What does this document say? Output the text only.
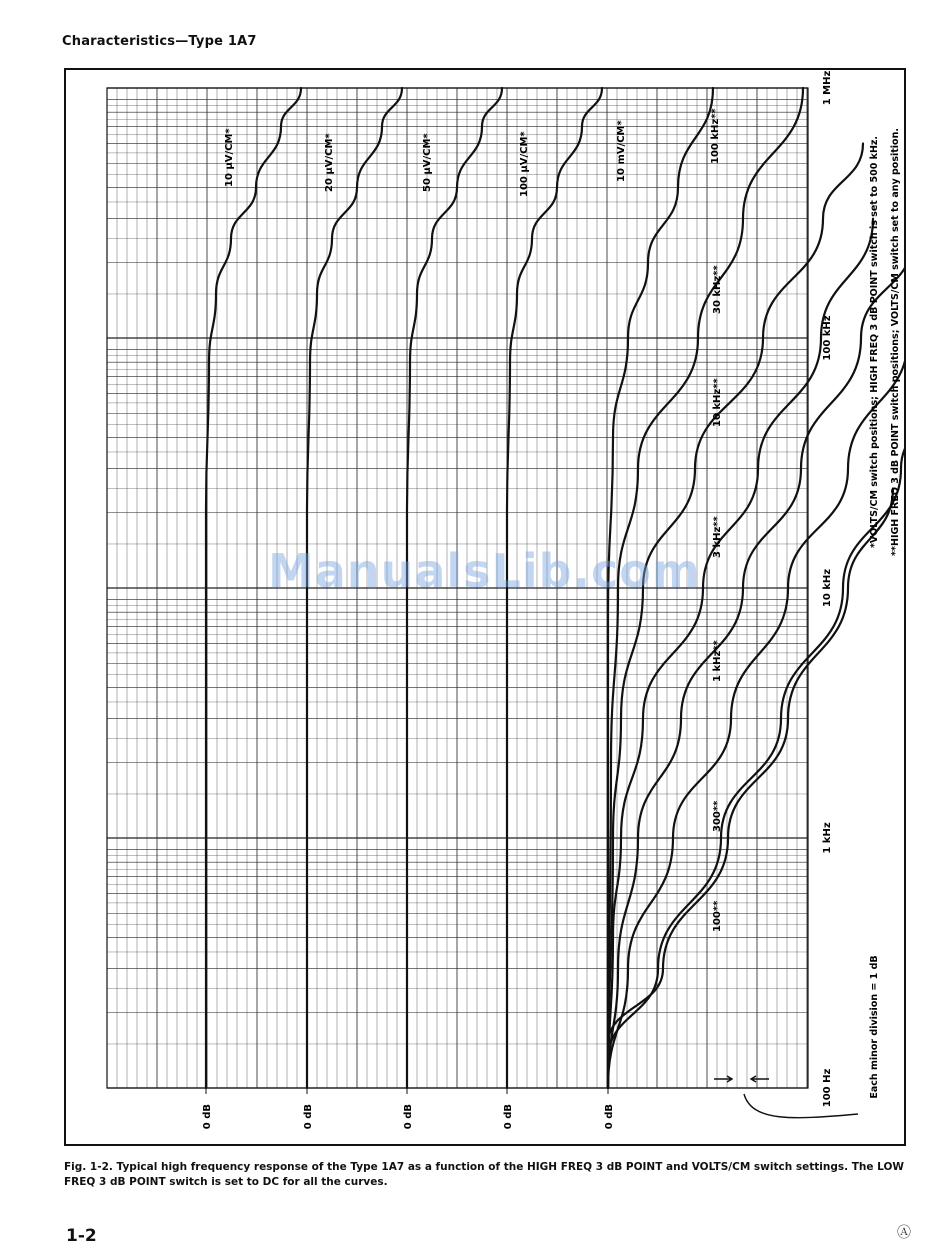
Characteristics—Type 1A7
100 Hz
1 kHz
10 kHz
100 kHz
1 MHz
0 dB	0 dB	0 dB	0 dB	0 dB
10 µV/CM*	20 µV/CM*	50 µV/CM*	100 µV/CM*	10 mV/CM*	100 kHz**
30 kHz**
10 kHz**
3 kHz**
1 kHz**
300**
100**
*VOLTS/CM switch positions; HIGH FREQ 3 dB POINT switch is set to 500 kHz. **HIGH FREQ 3 dB POINT switch positions; VOLTS/CM switch set to any position.
Each minor division = 1 dB
ManualsLib.com
Fig. 1-2. Typical high frequency response of the Type 1A7 as a function of the HIGH FREQ 3 dB POINT and VOLTS/CM switch settings. The LOW FREQ 3 dB POINT switch is set to DC for all the curves.
1-2	Ⓐ
